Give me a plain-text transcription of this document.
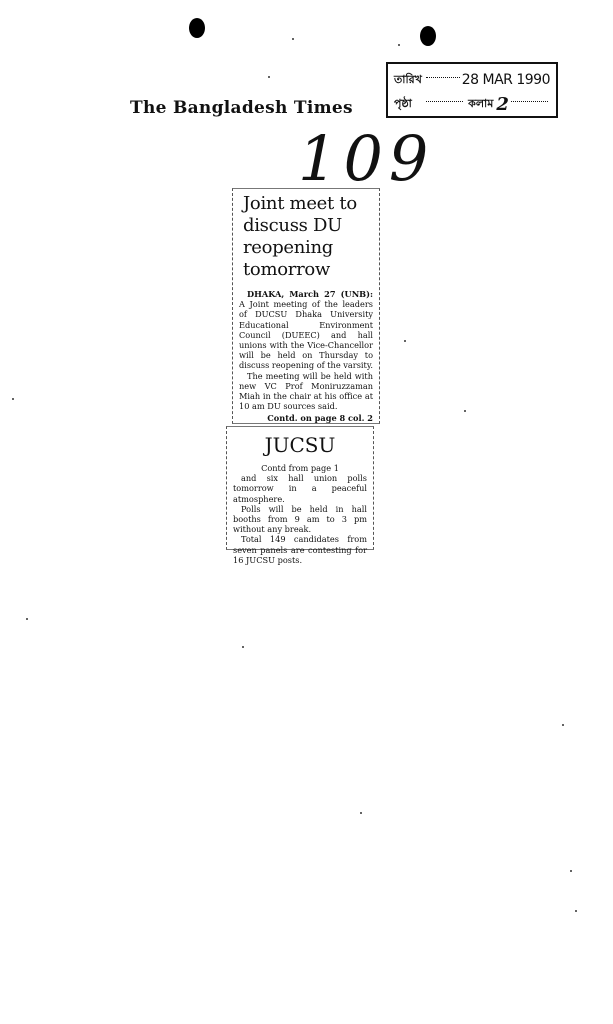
তারিখ	28 MAR 1990
পৃষ্ঠা	কলাম 2
The Bangladesh Times
109
Joint meet to discuss DU reopening tomorrow

DHAKA, March 27 (UNB): A Joint meeting of the leaders of DUCSU Dhaka University Educational Environment Council (DUEEC) and hall unions with the Vice-Chancellor will be held on Thursday to discuss reopening of the varsity.

The meeting will be held with new VC Prof Moniruzzaman Miah in the chair at his office at 10 am DU sources said.

Contd. on page 8 col. 2

JUCSU

Contd from page 1

and six hall union polls tomorrow in a peaceful atmosphere.

Polls will be held in hall booths from 9 am to 3 pm without any break.

Total 149 candidates from seven panels are contesting for 16 JUCSU posts.
